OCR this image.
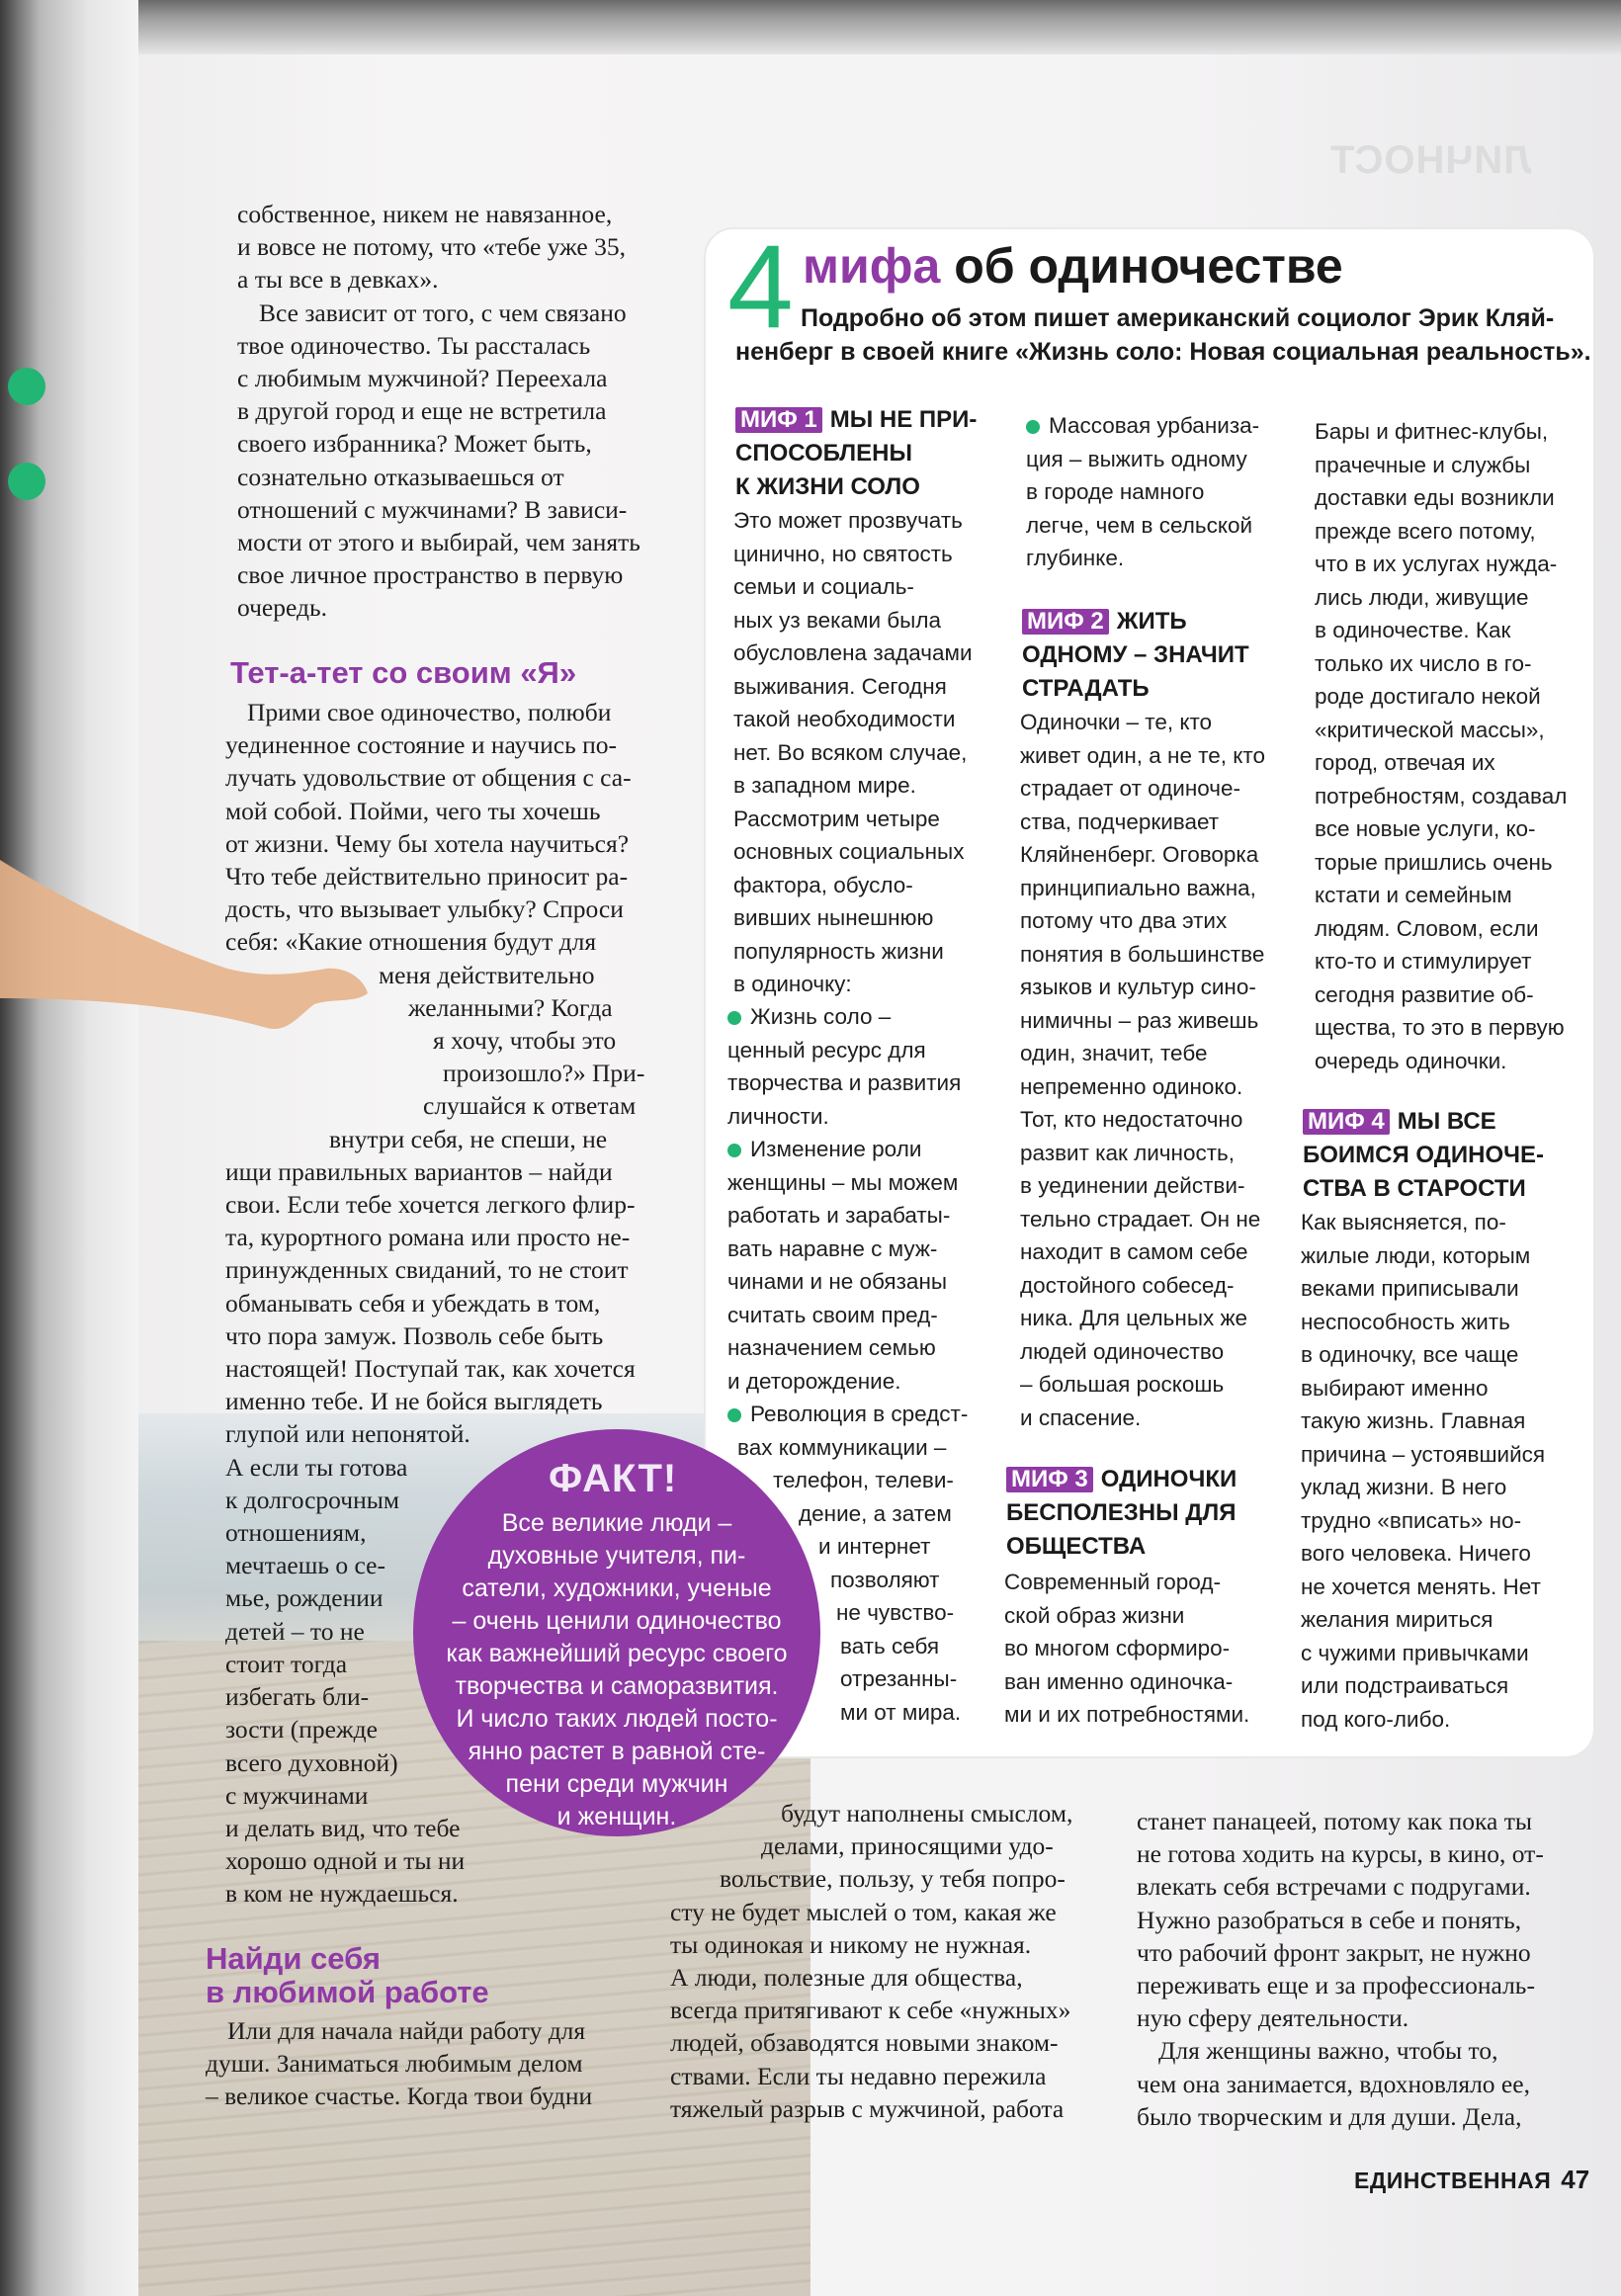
ЛИЧНОСТ

собственное, никем не навязанное,

и вовсе не потому, что «тебе уже 35,

а ты все в девках».

Все зависит от того, с чем связано

твое одиночество. Ты рассталась

с любимым мужчиной? Переехала

в другой город и еще не встретила

своего избранника? Может быть,

сознательно отказываешься от

отношений с мужчинами? В зависи-

мости от этого и выбирай, чем занять

свое личное пространство в первую

очередь.

Тет-а-тет со своим «Я»

Прими свое одиночество, полюби

уединенное состояние и научись по-

лучать удовольствие от общения с са-

мой собой. Пойми, чего ты хочешь

от жизни. Чему бы хотела научиться?

Что тебе действительно приносит ра-

дость, что вызывает улыбку? Спроси

себя: «Какие отношения будут для

меня действительно

желанными? Когда

я хочу, чтобы это

произошло?» При-

слушайся к ответам

внутри себя, не спеши, не

ищи правильных вариантов – найди

свои. Если тебе хочется легкого флир-

та, курортного романа или просто не-

принужденных свиданий, то не стоит

обманывать себя и убеждать в том,

что пора замуж. Позволь себе быть

настоящей! Поступай так, как хочется

именно тебе. И не бойся выглядеть

глупой или непонятой.

А если ты готова

к долгосрочным

отношениям,

мечтаешь о се-

мье, рождении

детей – то не

стоит тогда

избегать бли-

зости (прежде

всего духовной)

с мужчинами

и делать вид, что тебе

хорошо одной и ты ни

в ком не нуждаешься.

Найди себя
в любимой работе

Или для начала найди работу для

души. Заниматься любимым делом

– великое счастье. Когда твои будни

4 мифа об одиночестве
Подробно об этом пишет американский социолог Эрик Кляй-
ненберг в своей книге «Жизнь соло: Новая социальная реальность».
МИФ 1 МЫ НЕ ПРИ-
СПОСОБЛЕНЫ
К ЖИЗНИ СОЛО
Это может прозвучать
цинично, но святость
семьи и социаль-
ных уз веками была
обусловлена задачами
выживания. Сегодня
такой необходимости
нет. Во всяком случае,
в западном мире.
Рассмотрим четыре
основных социальных
фактора, обусло-
вивших нынешнюю
популярность жизни
в одиночку:
Жизнь соло –
ценный ресурс для
творчества и развития
личности.
Изменение роли
женщины – мы можем
работать и зарабаты-
вать наравне с муж-
чинами и не обязаны
считать своим пред-
назначением семью
и деторождение.
Революция в средст-
вах коммуникации –
телефон, телеви-
дение, а затем
и интернет
позволяют
не чувство-
вать себя
отрезанны-
ми от мира.
Массовая урбаниза-
ция – выжить одному
в городе намного
легче, чем в сельской
глубинке.
МИФ 2 ЖИТЬ
ОДНОМУ – ЗНАЧИТ
СТРАДАТЬ
Одиночки – те, кто
живет один, а не те, кто
страдает от одиноче-
ства, подчеркивает
Кляйненберг. Оговорка
принципиально важна,
потому что два этих
понятия в большинстве
языков и культур сино-
нимичны – раз живешь
один, значит, тебе
непременно одиноко.
Тот, кто недостаточно
развит как личность,
в уединении действи-
тельно страдает. Он не
находит в самом себе
достойного собесед-
ника. Для цельных же
людей одиночество
– большая роскошь
и спасение.
МИФ 3 ОДИНОЧКИ
БЕСПОЛЕЗНЫ ДЛЯ
ОБЩЕСТВА
Современный город-
ской образ жизни
во многом сформиро-
ван именно одиночка-
ми и их потребностями.
Бары и фитнес-клубы,
прачечные и службы
доставки еды возникли
прежде всего потому,
что в их услугах нужда-
лись люди, живущие
в одиночестве. Как
только их число в го-
роде достигало некой
«критической массы»,
город, отвечая их
потребностям, создавал
все новые услуги, ко-
торые пришлись очень
кстати и семейным
людям. Словом, если
кто-то и стимулирует
сегодня развитие об-
щества, то это в первую
очередь одиночки.
МИФ 4 МЫ ВСЕ
БОИМСЯ ОДИНОЧЕ-
СТВА В СТАРОСТИ
Как выясняется, по-
жилые люди, которым
веками приписывали
неспособность жить
в одиночку, все чаще
выбирают именно
такую жизнь. Главная
причина – устоявшийся
уклад жизни. В него
трудно «вписать» но-
вого человека. Ничего
не хочется менять. Нет
желания мириться
с чужими привычками
или подстраиваться
под кого-либо.
ФАКТ!
Все великие люди –
духовные учителя, пи-
сатели, художники, ученые
– очень ценили одиночество
как важнейший ресурс своего
творчества и саморазвития.
И число таких людей посто-
янно растет в равной сте-
пени среди мужчин
и женщин.	будут наполнены смыслом,

делами, приносящими удо-

вольствие, пользу, у тебя попро-

сту не будет мыслей о том, какая же

ты одинокая и никому не нужная.

А люди, полезные для общества,

всегда притягивают к себе «нужных»

людей, обзаводятся новыми знаком-

ствами. Если ты недавно пережила

тяжелый разрыв с мужчиной, работа

станет панацеей, потому как пока ты

не готова ходить на курсы, в кино, от-

влекать себя встречами с подругами.

Нужно разобраться в себе и понять,

что рабочий фронт закрыт, не нужно

переживать еще и за профессиональ-

ную сферу деятельности.

Для женщины важно, чтобы то,

чем она занимается, вдохновляло ее,

было творческим и для души. Дела,

ЕДИНСТВЕННАЯ 47
